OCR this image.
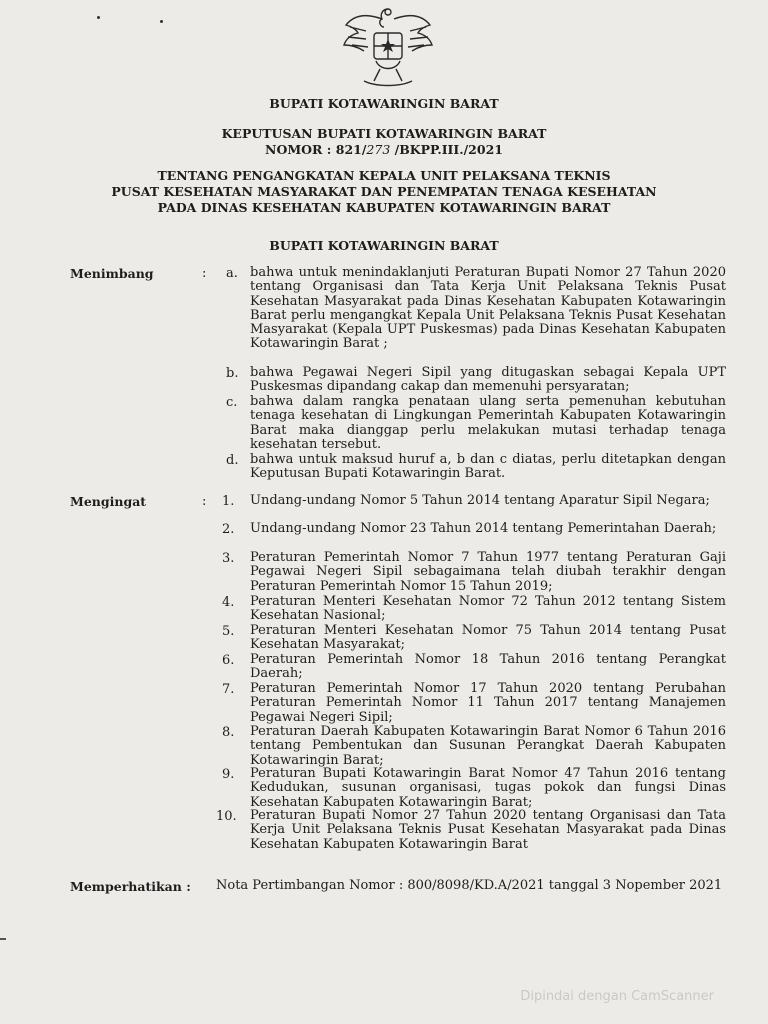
BUPATI KOTAWARINGIN BARAT
KEPUTUSAN BUPATI KOTAWARINGIN BARAT
NOMOR : 821/273 /BKPP.III./2021
TENTANG PENGANGKATAN KEPALA UNIT PELAKSANA TEKNIS
PUSAT KESEHATAN MASYARAKAT DAN PENEMPATAN TENAGA KESEHATAN
PADA DINAS KESEHATAN KABUPATEN KOTAWARINGIN BARAT
BUPATI KOTAWARINGIN BARAT
Menimbang	: a. bahwa untuk menindaklanjuti Peraturan Bupati Nomor 27 Tahun 2020 tentang Organisasi dan Tata Kerja Unit Pelaksana Teknis Pusat Kesehatan Masyarakat pada Dinas Kesehatan Kabupaten Kotawaringin Barat perlu mengangkat Kepala Unit Pelaksana Teknis Pusat Kesehatan Masyarakat (Kepala UPT Puskesmas) pada Dinas Kesehatan Kabupaten Kotawaringin Barat ;
b. bahwa Pegawai Negeri Sipil yang ditugaskan sebagai Kepala UPT Puskesmas dipandang cakap dan memenuhi persyaratan;
c. bahwa dalam rangka penataan ulang serta pemenuhan kebutuhan tenaga kesehatan di Lingkungan Pemerintah Kabupaten Kotawaringin Barat maka dianggap perlu melakukan mutasi terhadap tenaga kesehatan tersebut.
d. bahwa untuk maksud huruf a, b dan c diatas, perlu ditetapkan dengan Keputusan Bupati Kotawaringin Barat.
Mengingat	: 1. Undang-undang Nomor 5 Tahun 2014 tentang Aparatur Sipil Negara;
2. Undang-undang Nomor 23 Tahun 2014 tentang Pemerintahan Daerah;
3. Peraturan Pemerintah Nomor 7 Tahun 1977 tentang Peraturan Gaji Pegawai Negeri Sipil sebagaimana telah diubah terakhir dengan Peraturan Pemerintah Nomor 15 Tahun 2019;
4. Peraturan Menteri Kesehatan Nomor 72 Tahun 2012 tentang Sistem Kesehatan Nasional;
5. Peraturan Menteri Kesehatan Nomor 75 Tahun 2014 tentang Pusat Kesehatan Masyarakat;
6. Peraturan Pemerintah Nomor 18 Tahun 2016 tentang Perangkat Daerah;
7. Peraturan Pemerintah Nomor 17 Tahun 2020 tentang Perubahan Peraturan Pemerintah Nomor 11 Tahun 2017 tentang Manajemen Pegawai Negeri Sipil;
8. Peraturan Daerah Kabupaten Kotawaringin Barat Nomor 6 Tahun 2016 tentang Pembentukan dan Susunan Perangkat Daerah Kabupaten Kotawaringin Barat;
9. Peraturan Bupati Kotawaringin Barat Nomor 47 Tahun 2016 tentang Kedudukan, susunan organisasi, tugas pokok dan fungsi Dinas Kesehatan Kabupaten Kotawaringin Barat;
10. Peraturan Bupati Nomor 27 Tahun 2020 tentang Organisasi dan Tata Kerja Unit Pelaksana Teknis Pusat Kesehatan Masyarakat pada Dinas Kesehatan Kabupaten Kotawaringin Barat
Memperhatikan : Nota Pertimbangan Nomor : 800/8098/KD.A/2021 tanggal 3 Nopember 2021
Dipindai dengan CamScanner
